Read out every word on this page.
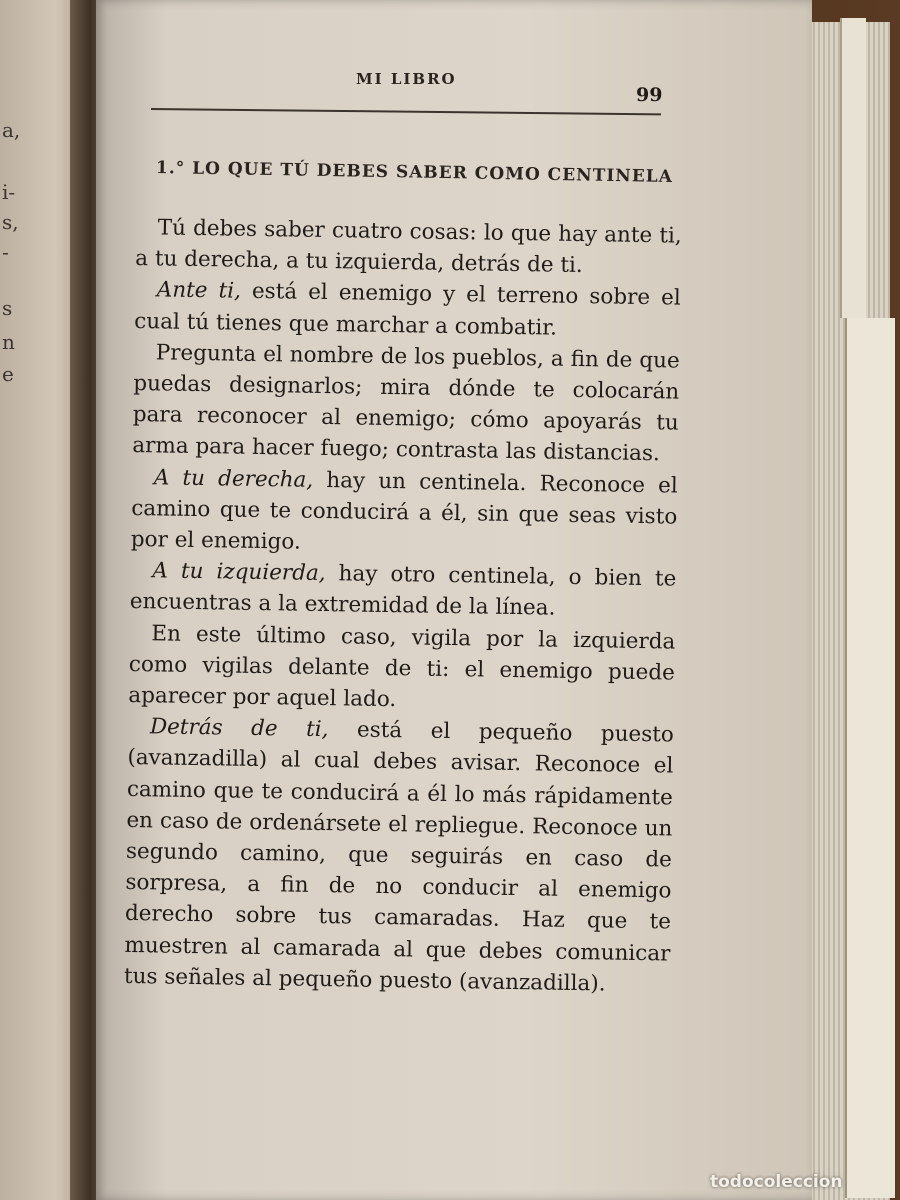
a,
i-
s,
-
s
n
e
MI LIBRO
99
1.° LO QUE TÚ DEBES SABER COMO CENTINELA

Tú debes saber cuatro cosas: lo que hay ante ti, a tu derecha, a tu izquierda, detrás de ti.

Ante ti, está el enemigo y el terreno sobre el cual tú tienes que marchar a combatir.

Pregunta el nombre de los pueblos, a fin de que puedas designarlos; mira dónde te colocarán para reconocer al enemigo; cómo apoyarás tu arma para hacer fuego; contrasta las distancias.

A tu derecha, hay un centinela. Reconoce el camino que te conducirá a él, sin que seas visto por el enemigo.

A tu izquierda, hay otro centinela, o bien te encuentras a la extremidad de la línea.

En este último caso, vigila por la izquierda como vigilas delante de ti: el enemigo puede aparecer por aquel lado.

Detrás de ti, está el pequeño puesto (avanzadilla) al cual debes avisar. Reconoce el camino que te conducirá a él lo más rápidamente en caso de ordenársete el repliegue. Reconoce un segundo camino, que seguirás en caso de sorpresa, a fin de no conducir al enemigo derecho sobre tus camaradas. Haz que te muestren al camarada al que debes comunicar tus señales al pequeño puesto (avanzadilla).

todocoleccion
